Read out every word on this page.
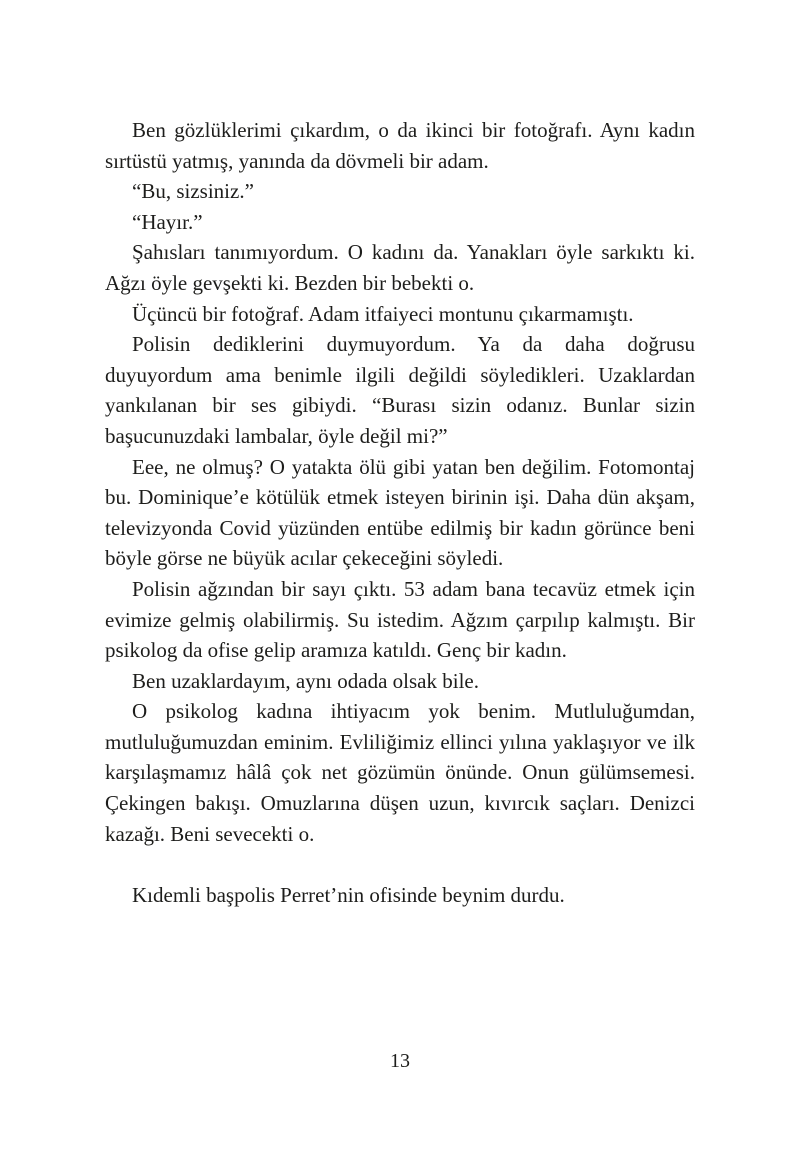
Ben gözlüklerimi çıkardım, o da ikinci bir fotoğrafı. Aynı kadın sırtüstü yatmış, yanında da dövmeli bir adam.

“Bu, sizsiniz.”

“Hayır.”

Şahısları tanımıyordum. O kadını da. Yanakları öyle sarkıktı ki. Ağzı öyle gevşekti ki. Bezden bir bebekti o.

Üçüncü bir fotoğraf. Adam itfaiyeci montunu çıkarmamıştı.

Polisin dediklerini duymuyordum. Ya da daha doğrusu duyuyordum ama benimle ilgili değildi söyledikleri. Uzaklardan yankılanan bir ses gibiydi. “Burası sizin odanız. Bunlar sizin başucunuzdaki lambalar, öyle değil mi?”

Eee, ne olmuş? O yatakta ölü gibi yatan ben değilim. Fotomontaj bu. Dominique’e kötülük etmek isteyen birinin işi. Daha dün akşam, televizyonda Covid yüzünden entübe edilmiş bir kadın görünce beni böyle görse ne büyük acılar çekeceğini söyledi.

Polisin ağzından bir sayı çıktı. 53 adam bana tecavüz etmek için evimize gelmiş olabilirmiş. Su istedim. Ağzım çarpılıp kalmıştı. Bir psikolog da ofise gelip aramıza katıldı. Genç bir kadın.

Ben uzaklardayım, aynı odada olsak bile.

O psikolog kadına ihtiyacım yok benim. Mutluluğumdan, mutluluğumuzdan eminim. Evliliğimiz ellinci yılına yaklaşıyor ve ilk karşılaşmamız hâlâ çok net gözümün önünde. Onun gülümsemesi. Çekingen bakışı. Omuzlarına düşen uzun, kıvırcık saçları. Denizci kazağı. Beni sevecekti o.

Kıdemli başpolis Perret’nin ofisinde beynim durdu.

13
